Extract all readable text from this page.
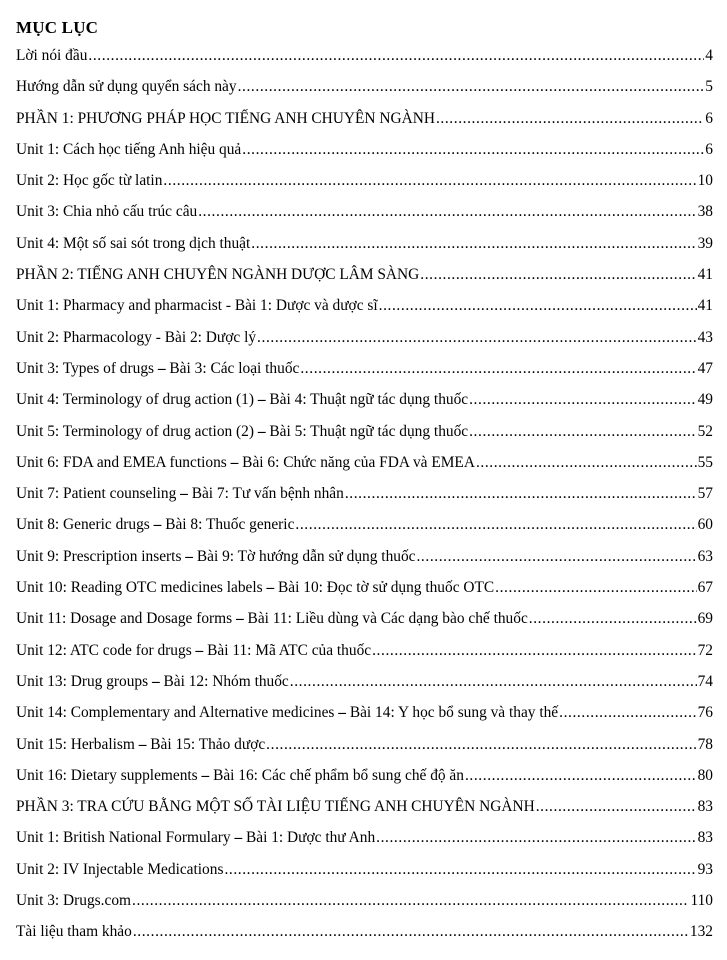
MỤC LỤC
Lời nói đầu .....	4
Hướng dẫn sử dụng quyển sách này .....	5
PHẦN 1: PHƯƠNG PHÁP HỌC TIẾNG ANH CHUYÊN NGÀNH .....	6
Unit 1: Cách học tiếng Anh hiệu quả .....	6
Unit 2: Học gốc từ latin .....	10
Unit 3: Chia nhỏ cấu trúc câu .....	38
Unit 4: Một số sai sót trong dịch thuật .....	39
PHẦN 2: TIẾNG ANH CHUYÊN NGÀNH DƯỢC LÂM SÀNG .....	41
Unit 1: Pharmacy and pharmacist - Bài 1: Dược và dược sĩ .....	41
Unit 2: Pharmacology - Bài 2: Dược lý .....	43
Unit 3: Types of drugs – Bài 3: Các loại thuốc .....	47
Unit 4: Terminology of drug action (1) – Bài 4: Thuật ngữ tác dụng thuốc .....	49
Unit 5: Terminology of drug action (2) – Bài 5: Thuật ngữ tác dụng thuốc .....	52
Unit 6: FDA and EMEA functions – Bài 6: Chức năng của FDA và EMEA .....	55
Unit 7: Patient counseling – Bài 7: Tư vấn bệnh nhân .....	57
Unit 8: Generic drugs – Bài 8: Thuốc generic .....	60
Unit 9: Prescription inserts – Bài 9: Tờ hướng dẫn sử dụng thuốc .....	63
Unit 10: Reading OTC medicines labels – Bài 10: Đọc tờ sử dụng thuốc OTC .....	67
Unit 11: Dosage and Dosage forms – Bài 11: Liều dùng và Các dạng bào chế thuốc .....	69
Unit 12: ATC code for drugs – Bài 11: Mã ATC của thuốc .....	72
Unit 13: Drug groups – Bài 12: Nhóm thuốc .....	74
Unit 14: Complementary and Alternative medicines – Bài 14: Y học bổ sung và thay thế .....	76
Unit 15: Herbalism – Bài 15: Thảo dược .....	78
Unit 16: Dietary supplements – Bài 16: Các chế phẩm bổ sung chế độ ăn .....	80
PHẦN 3: TRA CỨU BẰNG MỘT SỐ TÀI LIỆU TIẾNG ANH CHUYÊN NGÀNH .....	83
Unit 1: British National Formulary – Bài 1: Dược thư Anh .....	83
Unit 2: IV Injectable Medications .....	93
Unit 3: Drugs.com .....	110
Tài liệu tham khảo .....	132
